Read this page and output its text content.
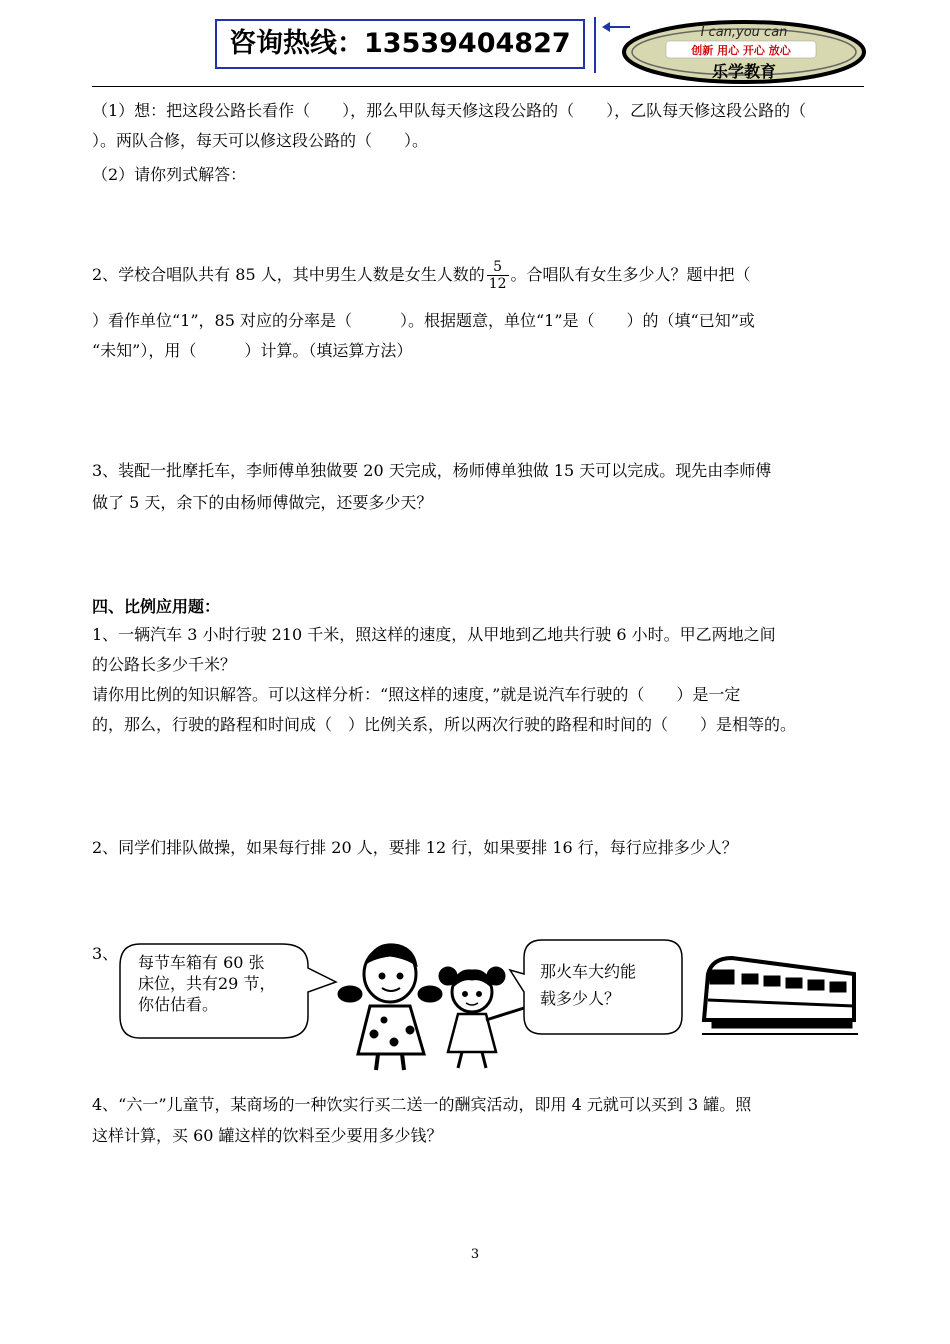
咨询热线：13539404827	I can,you can
创新 用心 开心 放心
乐学教育
（1）想：把这段公路长看作（　　），那么甲队每天修这段公路的（　　），乙队每天修这段公路的（
）。两队合修，每天可以修这段公路的（　　）。
（2）请你列式解答：
2、学校合唱队共有 85 人，其中男生人数是女生人数的 $\frac{5}{12}$ 。合唱队有女生多少人？题中把（
）看作单位“1”，85 对应的分率是（　　　）。根据题意，单位“1”是（　　）的（填“已知”或
“未知”），用（　　　）计算。（填运算方法）
3、装配一批摩托车，李师傅单独做要 20 天完成，杨师傅单独做 15 天可以完成。现先由李师傅
做了 5 天，余下的由杨师傅做完，还要多少天？
四、比例应用题：
1、一辆汽车 3 小时行驶 210 千米，照这样的速度，从甲地到乙地共行驶 6 小时。甲乙两地之间
的公路长多少千米？
请你用比例的知识解答。可以这样分析：“照这样的速度，”就是说汽车行驶的（　　）是一定
的，那么，行驶的路程和时间成（　）比例关系，所以两次行驶的路程和时间的（　　）是相等的。
2、同学们排队做操，如果每行排 20 人，要排 12 行，如果要排 16 行，每行应排多少人？
3、 每节车箱有 60 张
床位，共有29 节，
你估估看。
那火车大约能
载多少人？
4、“六一”儿童节，某商场的一种饮实行买二送一的酬宾活动，即用 4 元就可以买到 3 罐。照
这样计算，买 60 罐这样的饮料至少要用多少钱？
3
